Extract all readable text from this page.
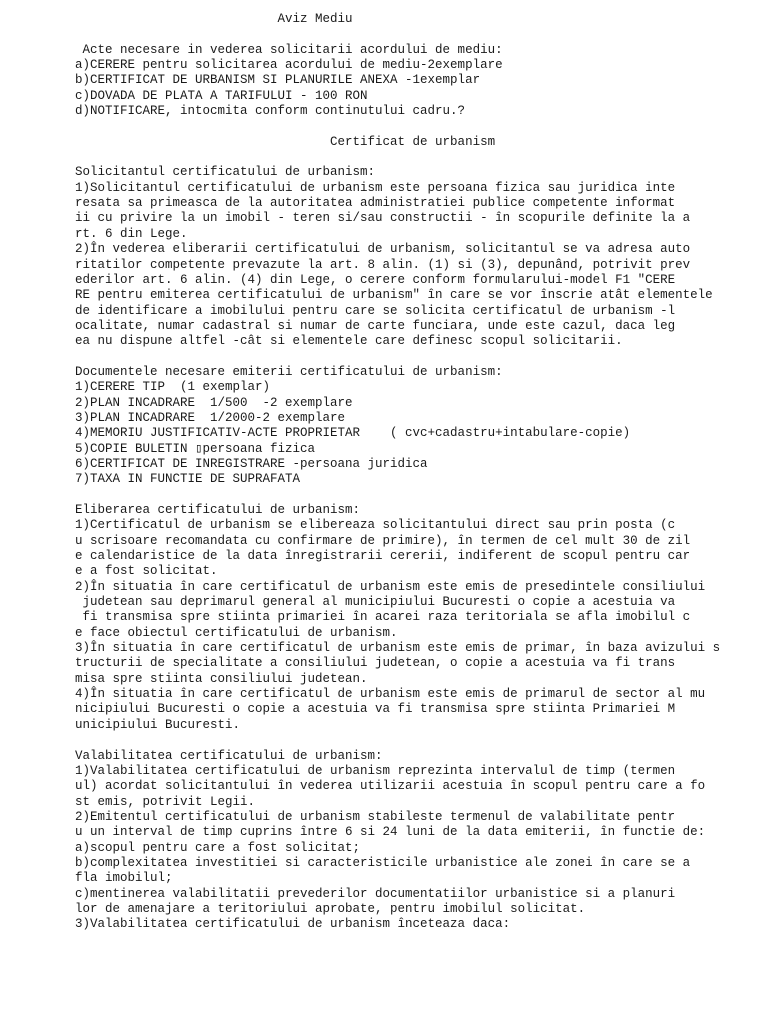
Aviz Mediu
Acte necesare in vederea solicitarii acordului de mediu:
a)CERERE pentru solicitarea acordului de mediu-2exemplare
b)CERTIFICAT DE URBANISM SI PLANURILE ANEXA -1exemplar
c)DOVADA DE PLATA A TARIFULUI - 100 RON
d)NOTIFICARE, intocmita conform continutului cadru.?
Certificat de urbanism
Solicitantul certificatului de urbanism:
1)Solicitantul certificatului de urbanism este persoana fizica sau juridica inte
resata sa primeasca de la autoritatea administratiei publice competente informat
ii cu privire la un imobil - teren si/sau constructii - în scopurile definite la a
rt. 6 din Lege.
2)În vederea eliberarii certificatului de urbanism, solicitantul se va adresa auto
ritatilor competente prevazute la art. 8 alin. (1) si (3), depunând, potrivit prev
ederilor art. 6 alin. (4) din Lege, o cerere conform formularului-model F1 "CERE
RE pentru emiterea certificatului de urbanism" în care se vor înscrie atât elementele
de identificare a imobilului pentru care se solicita certificatul de urbanism -l
ocalitate, numar cadastral si numar de carte funciara, unde este cazul, daca leg
ea nu dispune altfel -cât si elementele care definesc scopul solicitarii.
Documentele necesare emiterii certificatului de urbanism:
1)CERERE TIP  (1 exemplar)
2)PLAN INCADRARE  1/500  -2 exemplare
3)PLAN INCADRARE  1/2000-2 exemplare
4)MEMORIU JUSTIFICATIV-ACTE PROPRIETAR    ( cvc+cadastru+intabulare-copie)
5)COPIE BULETIN ▯persoana fizica
6)CERTIFICAT DE INREGISTRARE -persoana juridica
7)TAXA IN FUNCTIE DE SUPRAFATA
Eliberarea certificatului de urbanism:
1)Certificatul de urbanism se elibereaza solicitantului direct sau prin posta (c
u scrisoare recomandata cu confirmare de primire), în termen de cel mult 30 de zil
e calendaristice de la data înregistrarii cererii, indiferent de scopul pentru car
e a fost solicitat.
2)În situatia în care certificatul de urbanism este emis de presedintele consiliului
judetean sau deprimarul general al municipiului Bucuresti o copie a acestuia va
fi transmisa spre stiinta primariei în acarei raza teritoriala se afla imobilul c
e face obiectul certificatului de urbanism.
3)În situatia în care certificatul de urbanism este emis de primar, în baza avizului s
tructurii de specialitate a consiliului judetean, o copie a acestuia va fi trans
misa spre stiinta consiliului judetean.
4)În situatia în care certificatul de urbanism este emis de primarul de sector al mu
nicipiului Bucuresti o copie a acestuia va fi transmisa spre stiinta Primariei M
unicipiului Bucuresti.
Valabilitatea certificatului de urbanism:
1)Valabilitatea certificatului de urbanism reprezinta intervalul de timp (termen
ul) acordat solicitantului în vederea utilizarii acestuia în scopul pentru care a fo
st emis, potrivit Legii.
2)Emitentul certificatului de urbanism stabileste termenul de valabilitate pentr
u un interval de timp cuprins între 6 si 24 luni de la data emiterii, în functie de:
a)scopul pentru care a fost solicitat;
b)complexitatea investitiei si caracteristicile urbanistice ale zonei în care se a
fla imobilul;
c)mentinerea valabilitatii prevederilor documentatiilor urbanistice si a planuri
lor de amenajare a teritoriului aprobate, pentru imobilul solicitat.
3)Valabilitatea certificatului de urbanism înceteaza daca:
